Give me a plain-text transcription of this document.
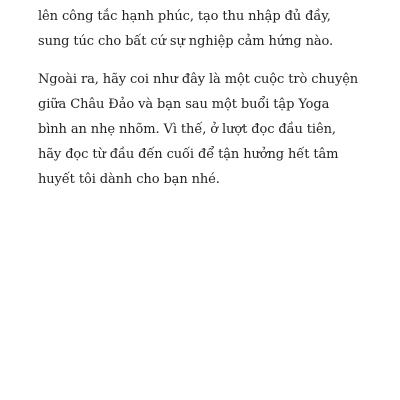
lên công tắc hạnh phúc, tạo thu nhập đủ đầy, sung túc cho bất cứ sự nghiệp cảm hứng nào.

Ngoài ra, hãy coi như đây là một cuộc trò chuyện giữa Châu Đảo và bạn sau một buổi tập Yoga bình an nhẹ nhõm. Vì thế, ở lượt đọc đầu tiên, hãy đọc từ đầu đến cuối để tận hưởng hết tâm huyết tôi dành cho bạn nhé.
